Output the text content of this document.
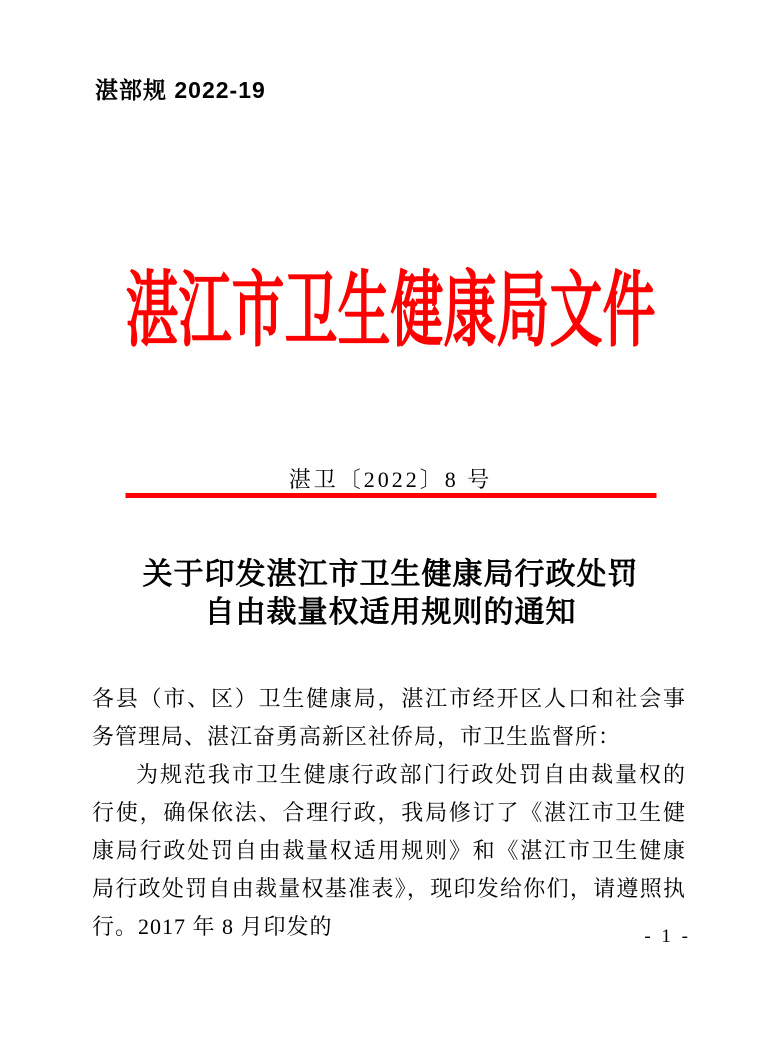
湛部规 2022-19
湛江市卫生健康局文件
湛卫〔2022〕8 号
关于印发湛江市卫生健康局行政处罚
自由裁量权适用规则的通知

各县（市、区）卫生健康局，湛江市经开区人口和社会事务管理局、湛江奋勇高新区社侨局，市卫生监督所：

为规范我市卫生健康行政部门行政处罚自由裁量权的行使，确保依法、合理行政，我局修订了《湛江市卫生健康局行政处罚自由裁量权适用规则》和《湛江市卫生健康局行政处罚自由裁量权基准表》，现印发给你们，请遵照执行。2017 年 8 月印发的	- 1 -
